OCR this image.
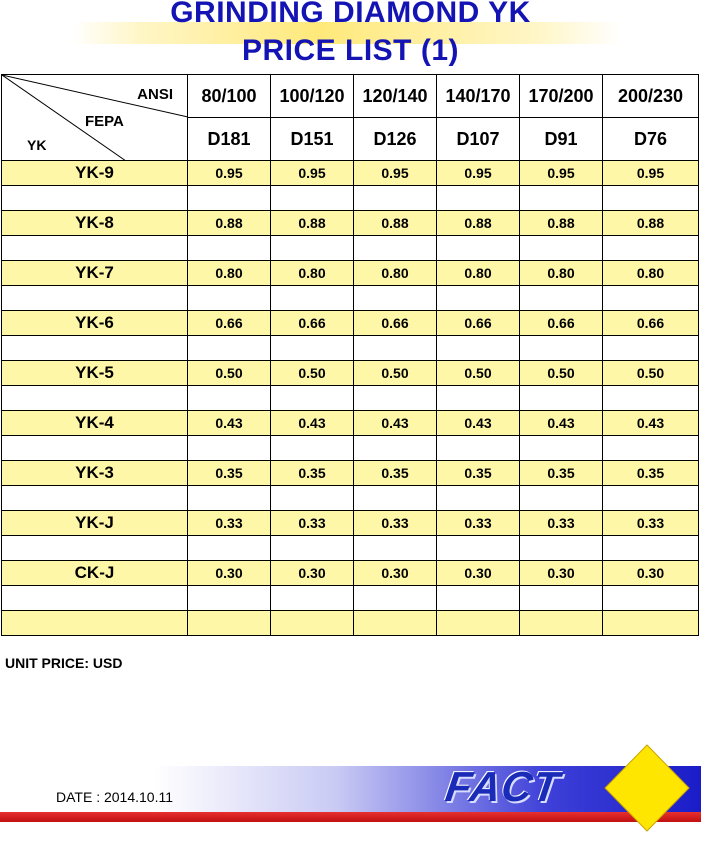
GRINDING DIAMOND YK
PRICE LIST (1)
ANSI
FEPA
YK	80/100	100/120	120/140	140/170	170/200	200/230
	D181	D151	D126	D107	D91	D76
YK-9	0.95	0.95	0.95	0.95	0.95	0.95

YK-8	0.88	0.88	0.88	0.88	0.88	0.88

YK-7	0.80	0.80	0.80	0.80	0.80	0.80

YK-6	0.66	0.66	0.66	0.66	0.66	0.66

YK-5	0.50	0.50	0.50	0.50	0.50	0.50

YK-4	0.43	0.43	0.43	0.43	0.43	0.43

YK-3	0.35	0.35	0.35	0.35	0.35	0.35

YK-J	0.33	0.33	0.33	0.33	0.33	0.33

CK-J	0.30	0.30	0.30	0.30	0.30	0.30

UNIT PRICE: USD
DATE : 2014.10.11	FACT
